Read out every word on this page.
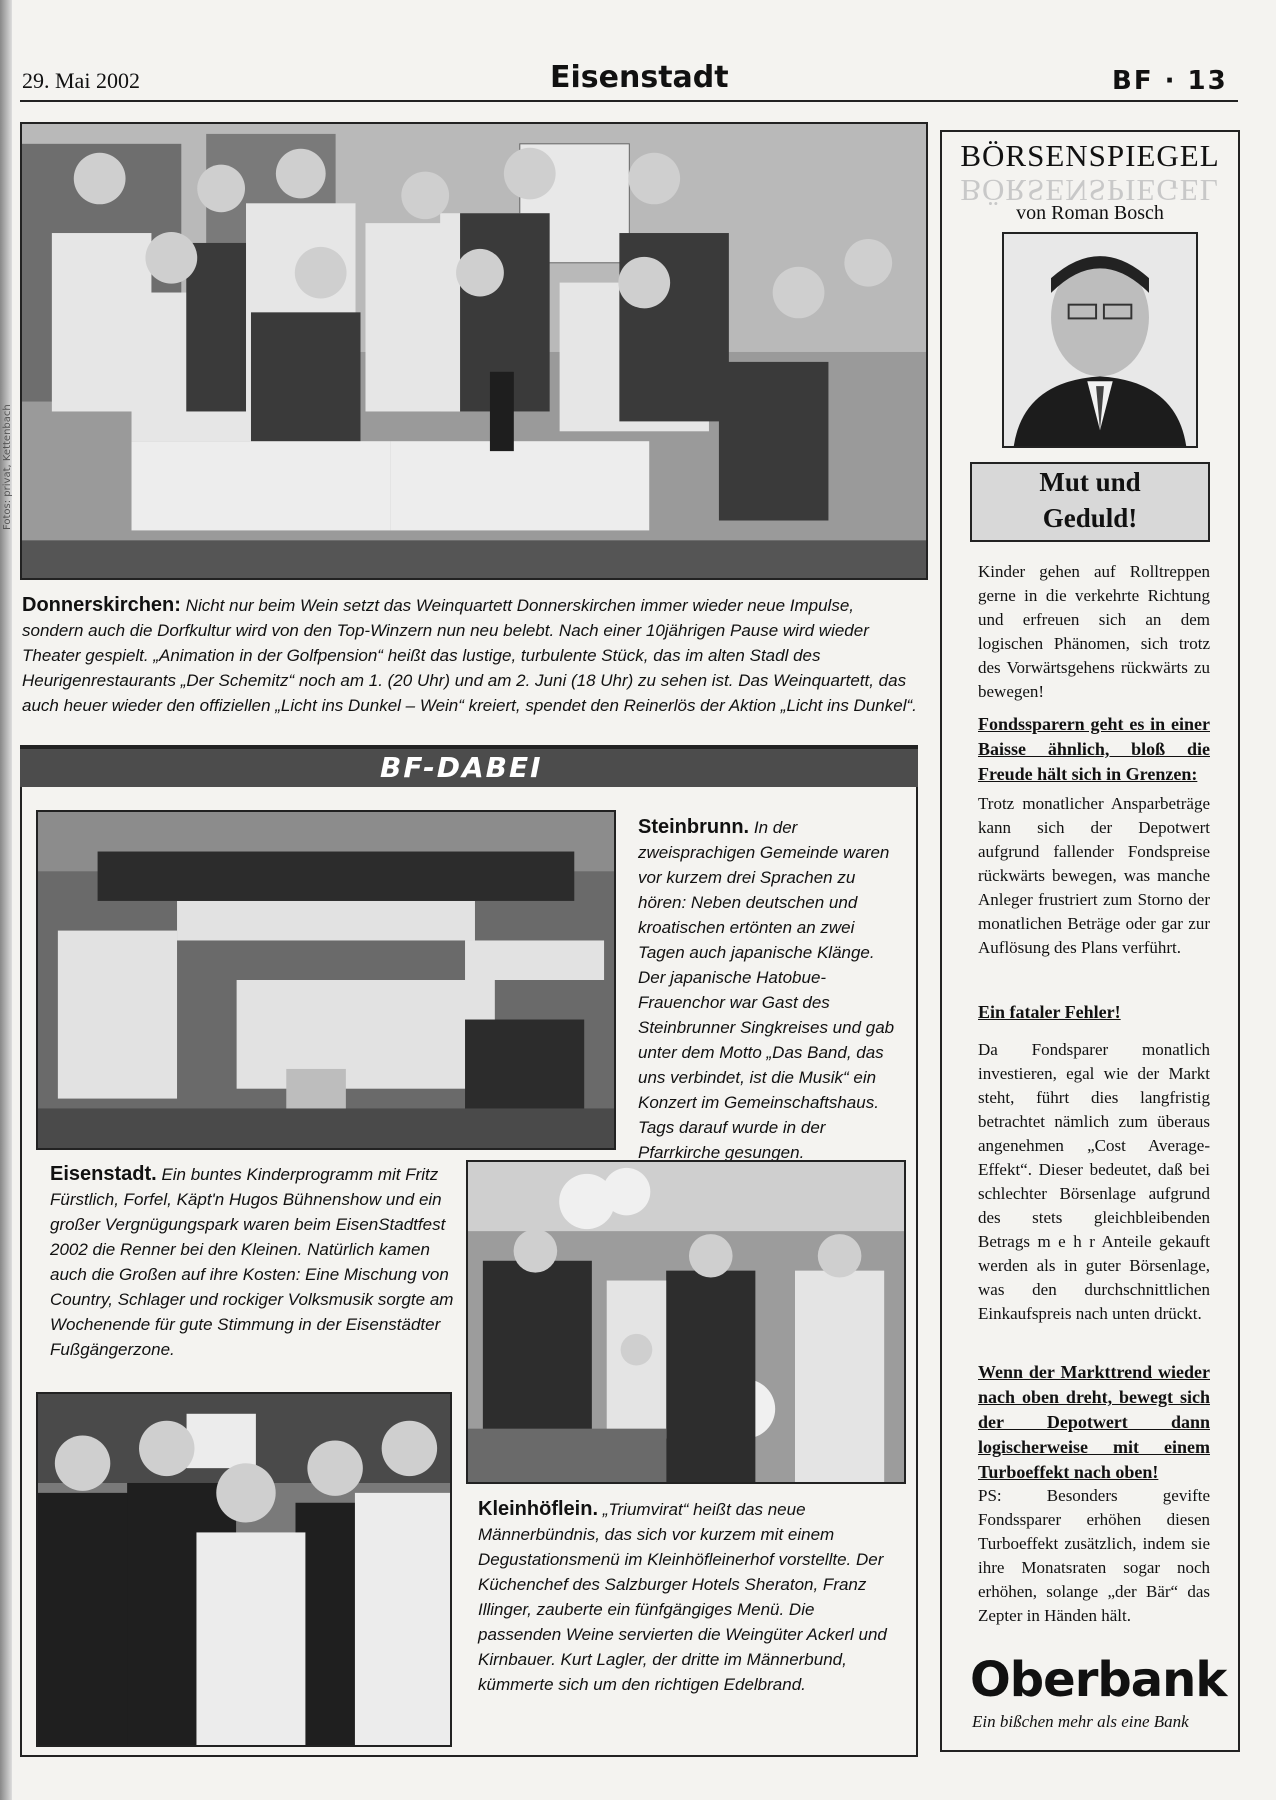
29. Mai 2002	Eisenstadt	BF · 13
Fotos: privat, Kettenbach
Donnerskirchen: Nicht nur beim Wein setzt das Weinquartett Donnerskirchen immer wieder neue Impulse, sondern auch die Dorfkultur wird von den Top-Winzern nun neu belebt. Nach einer 10jährigen Pause wird wieder Theater gespielt. „Animation in der Golfpension“ heißt das lustige, turbulente Stück, das im alten Stadl des Heurigenrestaurants „Der Schemitz“ noch am 1. (20 Uhr) und am 2. Juni (18 Uhr) zu sehen ist. Das Weinquartett, das auch heuer wieder den offiziellen „Licht ins Dunkel – Wein“ kreiert, spendet den Reinerlös der Aktion „Licht ins Dunkel“.
BF-DABEI
Steinbrunn. In der zweisprachigen Gemeinde waren vor kurzem drei Sprachen zu hören: Neben deutschen und kroatischen ertönten an zwei Tagen auch japanische Klänge. Der japanische Hatobue-Frauenchor war Gast des Steinbrunner Singkreises und gab unter dem Motto „Das Band, das uns verbindet, ist die Musik“ ein Konzert im Gemeinschaftshaus. Tags darauf wurde in der Pfarrkirche gesungen.
Eisenstadt. Ein buntes Kinderprogramm mit Fritz Fürstlich, Forfel, Käpt'n Hugos Bühnenshow und ein großer Vergnügungspark waren beim EisenStadtfest 2002 die Renner bei den Kleinen. Natürlich kamen auch die Großen auf ihre Kosten: Eine Mischung von Country, Schlager und rockiger Volksmusik sorgte am Wochenende für gute Stimmung in der Eisenstädter Fußgängerzone.
Kleinhöflein. „Triumvirat“ heißt das neue Männerbündnis, das sich vor kurzem mit einem Degustationsmenü im Kleinhöfleinerhof vorstellte. Der Küchenchef des Salzburger Hotels Sheraton, Franz Illinger, zauberte ein fünfgängiges Menü. Die passenden Weine servierten die Weingüter Ackerl und Kirnbauer. Kurt Lagler, der dritte im Männerbund, kümmerte sich um den richtigen Edelbrand.
BÖRSENSPIEGEL
BÖRSENSPIEGEL
von Roman Bosch
Mut und
Geduld!
Kinder gehen auf Rolltreppen gerne in die verkehrte Richtung und erfreuen sich an dem logischen Phänomen, sich trotz des Vorwärtsgehens rückwärts zu bewegen!
Fondssparern geht es in einer Baisse ähnlich, bloß die Freude hält sich in Grenzen:
Trotz monatlicher Ansparbeträge kann sich der Depotwert aufgrund fallender Fondspreise rückwärts bewegen, was manche Anleger frustriert zum Storno der monatlichen Beträge oder gar zur Auflösung des Plans verführt.
Ein fataler Fehler!
Da Fondsparer monatlich investieren, egal wie der Markt steht, führt dies langfristig betrachtet nämlich zum überaus angenehmen „Cost Average-Effekt“. Dieser bedeutet, daß bei schlechter Börsenlage aufgrund des stets gleichbleibenden Betrags m e h r Anteile gekauft werden als in guter Börsenlage, was den durchschnittlichen Einkaufspreis nach unten drückt.
Wenn der Markttrend wieder nach oben dreht, bewegt sich der Depotwert dann logischerweise mit einem Turboeffekt nach oben!
PS: Besonders gevifte Fondssparer erhöhen diesen Turboeffekt zusätzlich, indem sie ihre Monatsraten sogar noch erhöhen, solange „der Bär“ das Zepter in Händen hält.
Oberbank
Ein bißchen mehr als eine Bank
